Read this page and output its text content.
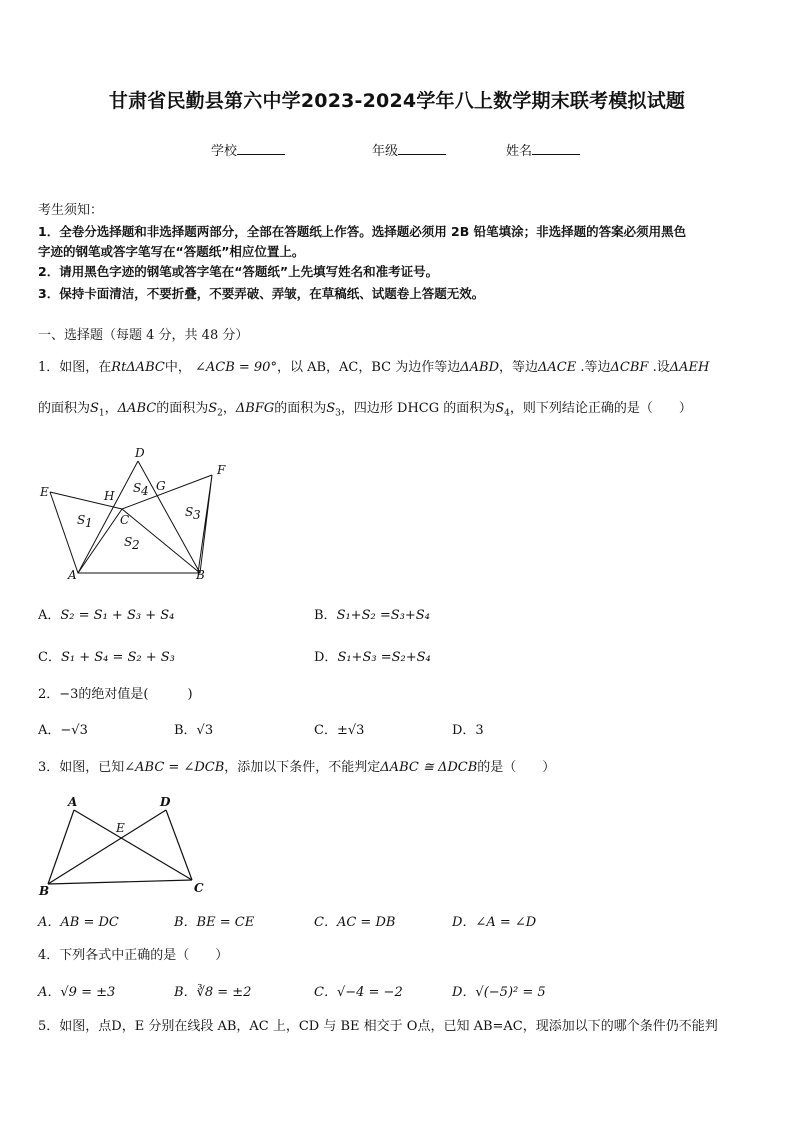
甘肃省民勤县第六中学2023-2024学年八上数学期末联考模拟试题
学校	年级	姓名
考生须知：
1．全卷分选择题和非选择题两部分，全部在答题纸上作答。选择题必须用 2B 铅笔填涂；非选择题的答案必须用黑色
字迹的钢笔或答字笔写在“答题纸”相应位置上。
2．请用黑色字迹的钢笔或答字笔在“答题纸”上先填写姓名和准考证号。
3．保持卡面清洁，不要折叠，不要弄破、弄皱，在草稿纸、试题卷上答题无效。
一、选择题（每题 4 分，共 48 分）
1．如图，在RtΔABC中， ∠ACB = 90°，以 AB，AC，BC 为边作等边ΔABD，等边ΔACE .等边ΔCBF .设ΔAEH
的面积为$S_1$，ΔABC的面积为$S_2$，ΔBFG的面积为$S_3$，四边形 DHCG 的面积为$S_4$，则下列结论正确的是（　　）
D
F
E	H
G
S 4
S 1
S 3
S 2
C
A	B
A．S₂ = S₁ + S₃ + S₄	B．S₁+S₂ =S₃+S₄
C．S₁ + S₄ = S₂ + S₃	D．S₁+S₃ =S₂+S₄
2．−3的绝对值是(　　　)
A．−√3	B．√3	C．±√3	D．3
3．如图，已知∠ABC = ∠DCB，添加以下条件，不能判定ΔABC ≅ ΔDCB的是（　　）
A	D
E
B	C
A．AB = DC	B．BE = CE	C．AC = DB	D．∠A = ∠D
4．下列各式中正确的是（　　）
A．√9 = ±3	B．∛8 = ±2	C．√−4 = −2	D．√(−5)² = 5
5．如图，点D，E 分别在线段 AB，AC 上，CD 与 BE 相交于 O点，已知 AB=AC，现添加以下的哪个条件仍不能判
